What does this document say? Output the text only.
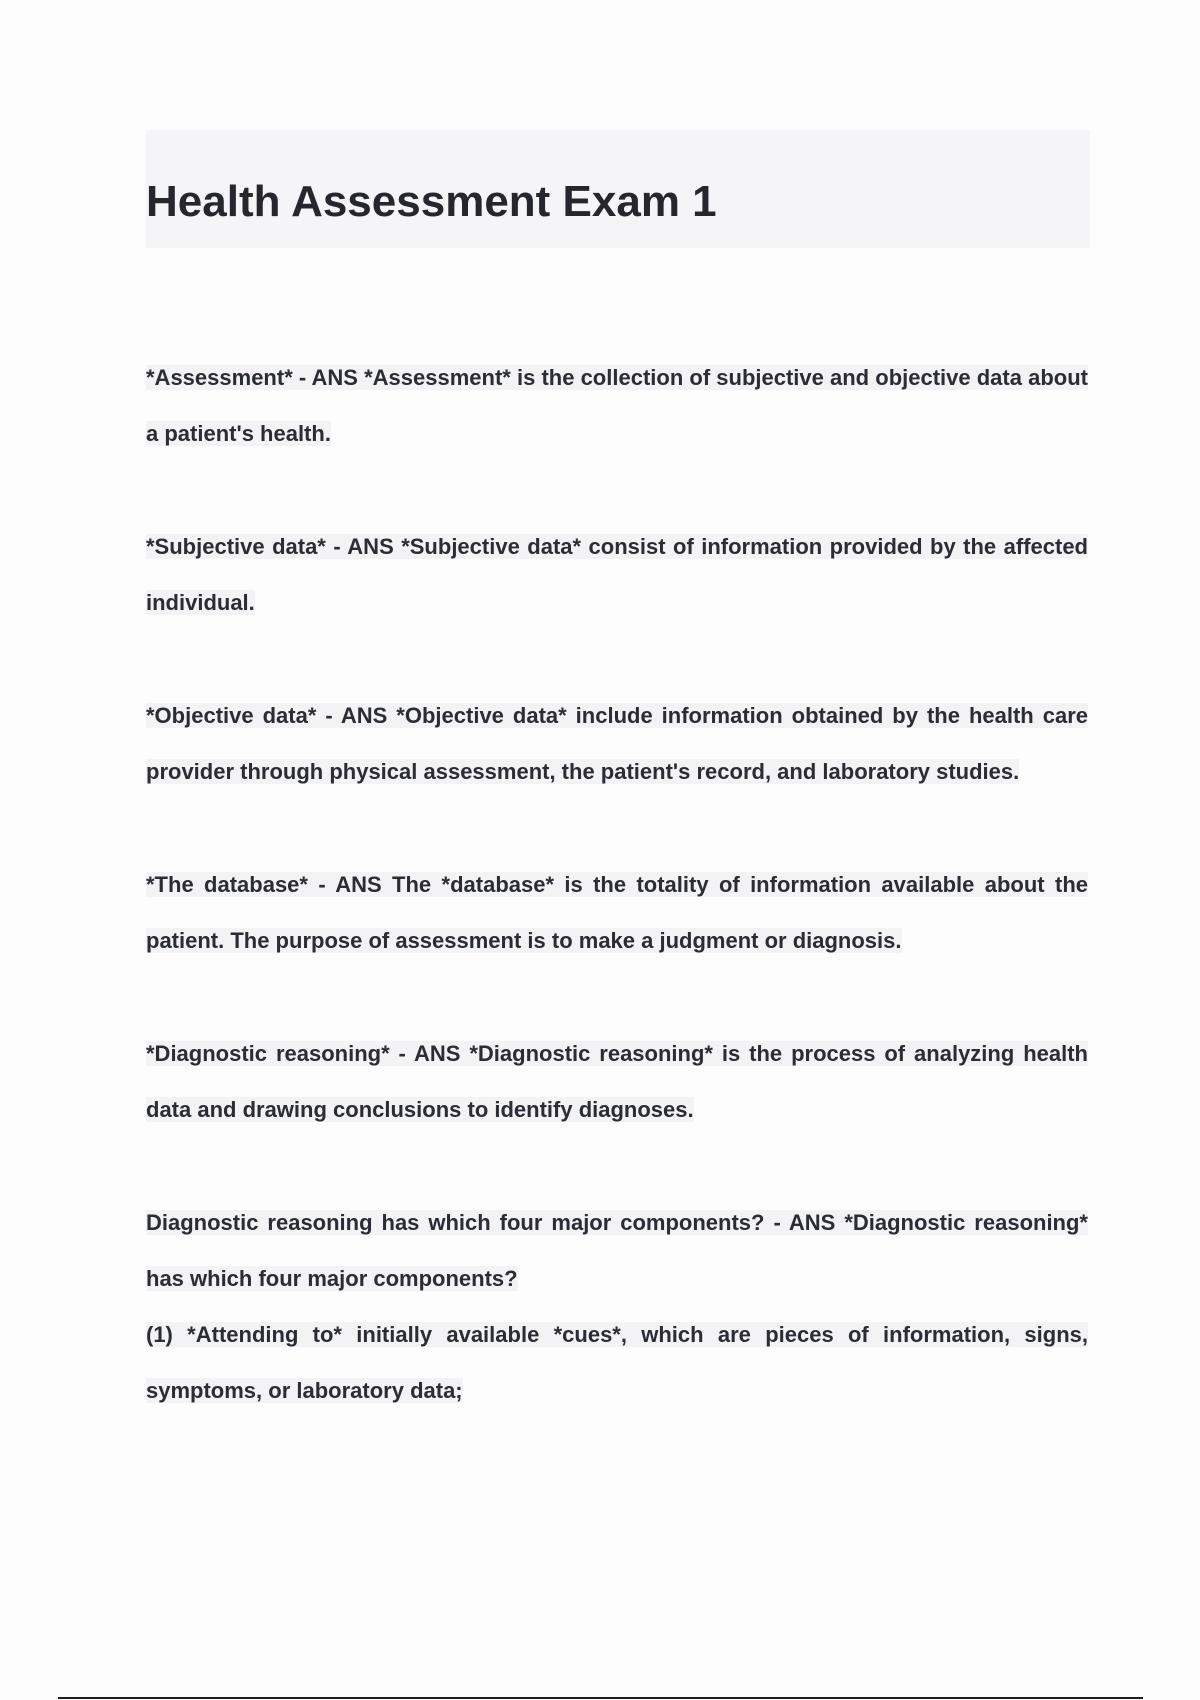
Health Assessment Exam 1

*Assessment* - ANS *Assessment* is the collection of subjective and objective data about a patient's health.

*Subjective data* - ANS *Subjective data* consist of information provided by the affected individual.

*Objective data* - ANS *Objective data* include information obtained by the health care provider through physical assessment, the patient's record, and laboratory studies.

*The database* - ANS The *database* is the totality of information available about the patient. The purpose of assessment is to make a judgment or diagnosis.

*Diagnostic reasoning* - ANS *Diagnostic reasoning* is the process of analyzing health data and drawing conclusions to identify diagnoses.

Diagnostic reasoning has which four major components? - ANS *Diagnostic reasoning* has which four major components?

(1) *Attending to* initially available *cues*, which are pieces of information, signs, symptoms, or laboratory data;
